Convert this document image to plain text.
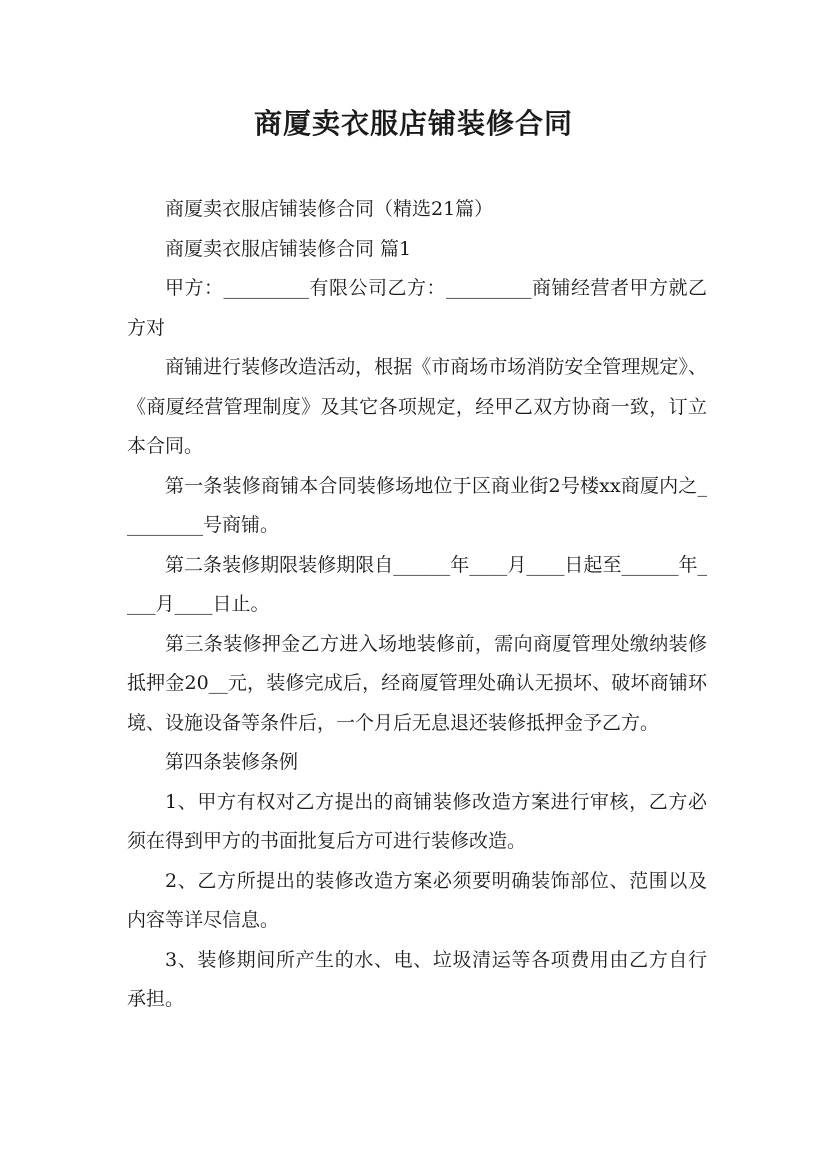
商厦卖衣服店铺装修合同

商厦卖衣服店铺装修合同（精选21篇）

商厦卖衣服店铺装修合同 篇1

甲方：_________有限公司乙方：_________商铺经营者甲方就乙方对

商铺进行装修改造活动，根据《市商场市场消防安全管理规定》、《商厦经营管理制度》及其它各项规定，经甲乙双方协商一致，订立本合同。

第一条装修商铺本合同装修场地位于区商业街2号楼xx商厦内之_________号商铺。

第二条装修期限装修期限自______年____月____日起至______年____月____日止。

第三条装修押金乙方进入场地装修前，需向商厦管理处缴纳装修抵押金20__元，装修完成后，经商厦管理处确认无损坏、破坏商铺环境、设施设备等条件后，一个月后无息退还装修抵押金予乙方。

第四条装修条例

1、甲方有权对乙方提出的商铺装修改造方案进行审核，乙方必须在得到甲方的书面批复后方可进行装修改造。

2、乙方所提出的装修改造方案必须要明确装饰部位、范围以及内容等详尽信息。

3、装修期间所产生的水、电、垃圾清运等各项费用由乙方自行承担。
